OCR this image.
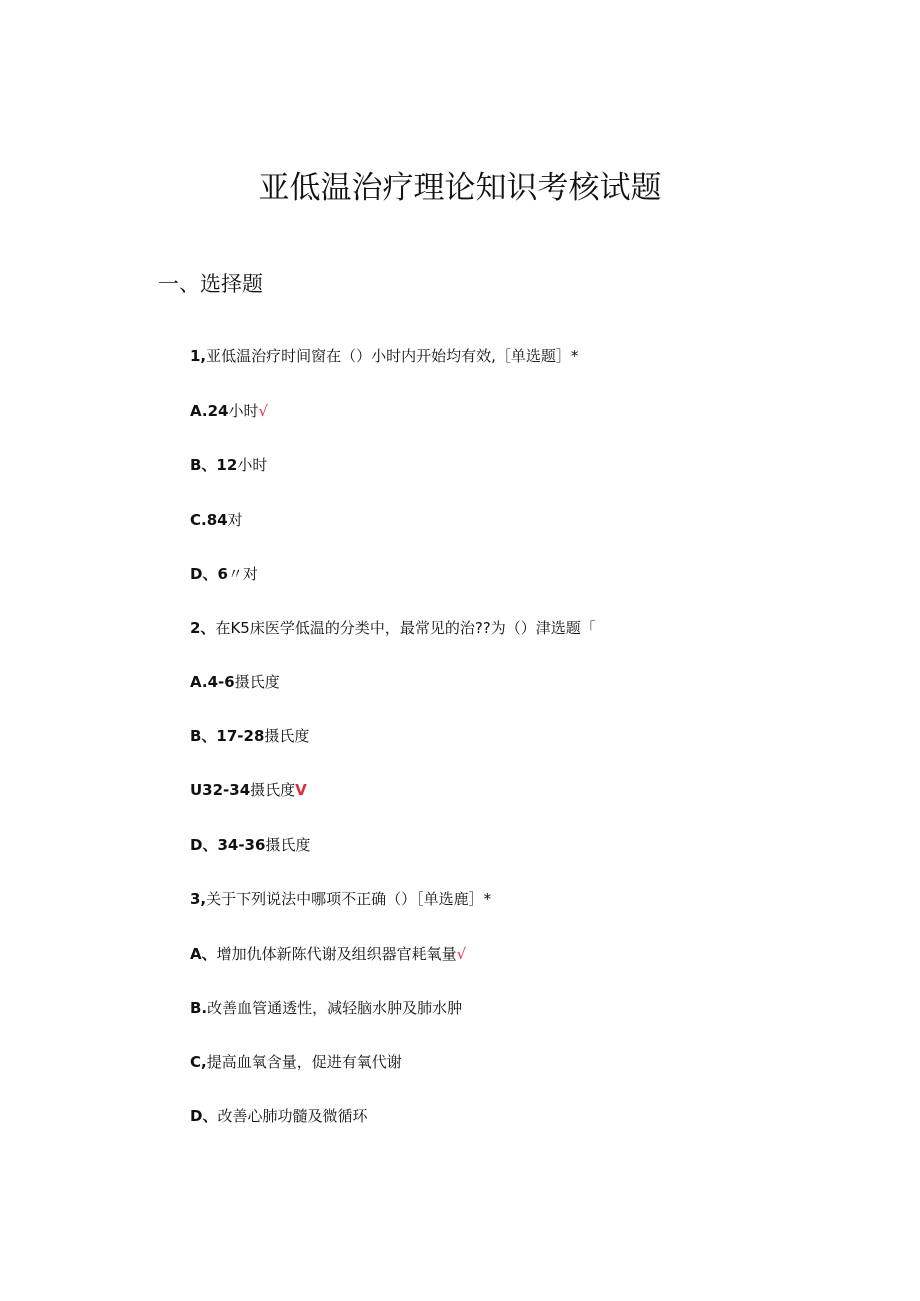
亚低温治疗理论知识考核试题
一、选择题
1,亚低温治疗时间窗在（）小时内开始均有效,［单选题］*
A.24小时√
B、12小时
C.84对
D、6〃对
2、在K5床医学低温的分类中，最常见的治??为（）津选题「
A.4-6摄氏度
B、17-28摄氏度
U32-34摄氏度V
D、34-36摄氏度
3,关于下列说法中哪项不正确（）［单选鹿］*
A、增加仇体新陈代谢及组织器官耗氧量√
B.改善血管通透性，减轻脑水肿及肺水肿
C,提高血氧含量，促进有氧代谢
D、改善心肺功髓及微循环
